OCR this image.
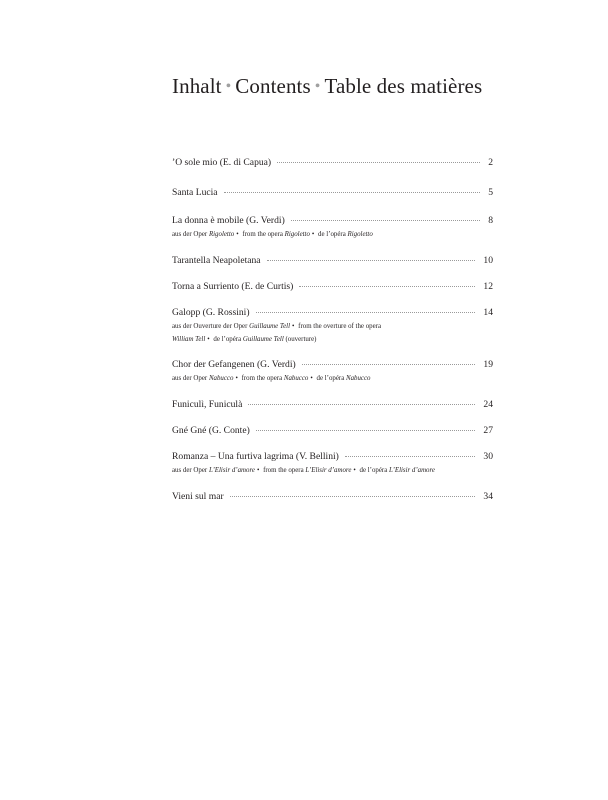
Inhalt • Contents • Table des matières
’O sole mio (E. di Capua)	2
Santa Lucia	5
La donna è mobile (G. Verdi)	8
aus der Oper Rigoletto • from the opera Rigoletto • de l’opéra Rigoletto
Tarantella Neapoletana	10
Torna a Surriento (E. de Curtis)	12
Galopp (G. Rossini)	14
aus der Ouverture der Oper Guillaume Tell • from the overture of the opera
William Tell • de l’opéra Guillaume Tell (ouverture)
Chor der Gefangenen (G. Verdi)	19
aus der Oper Nabucco • from the opera Nabucco • de l’opéra Nabucco
Funiculì, Funiculà	24
Gné Gné (G. Conte)	27
Romanza – Una furtiva lagrima (V. Bellini)	30
aus der Oper L’Elisir d’amore • from the opera L’Elisir d’amore • de l’opéra L’Elisir d’amore
Vieni sul mar	34
